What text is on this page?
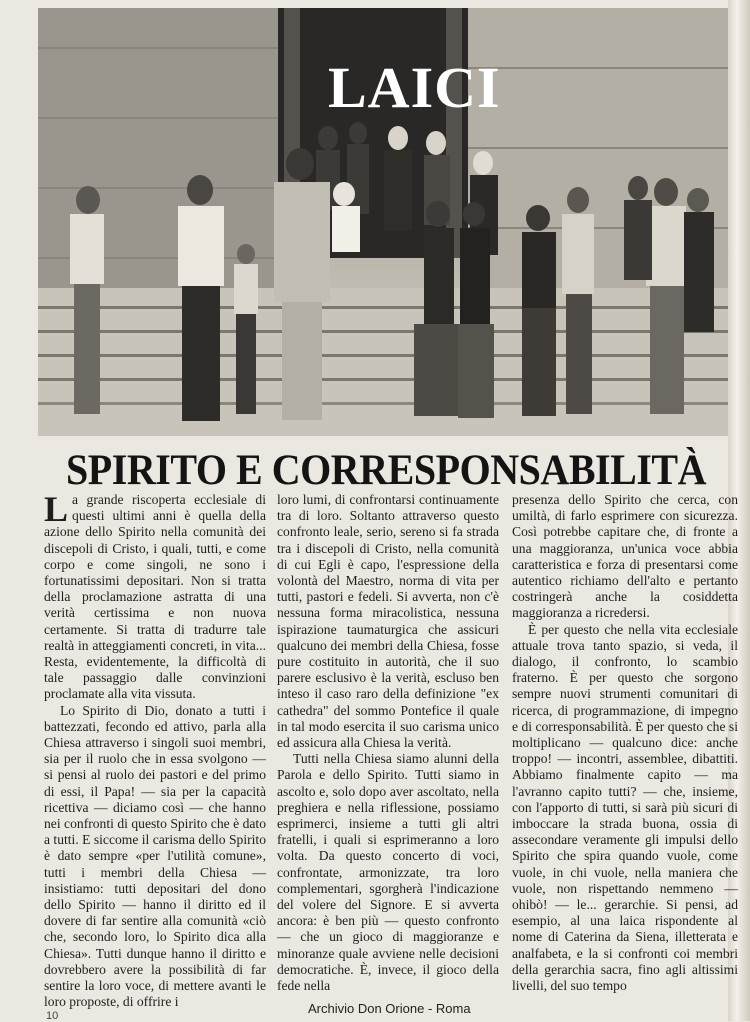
LAICI
SPIRITO E CORRESPONSABILITÀ

La grande riscoperta ecclesiale di questi ultimi anni è quella della azione dello Spirito nella comunità dei discepoli di Cristo, i quali, tutti, e come corpo e come singoli, ne sono i fortunatissimi depositari. Non si tratta della proclamazione astratta di una verità certissima e non nuova certamente. Si tratta di tradurre tale realtà in atteggiamenti concreti, in vita... Resta, evidentemente, la difficoltà di tale passaggio dalle convinzioni proclamate alla vita vissuta.

Lo Spirito di Dio, donato a tutti i battezzati, fecondo ed attivo, parla alla Chiesa attraverso i singoli suoi membri, sia per il ruolo che in essa svolgono — si pensi al ruolo dei pastori e del primo di essi, il Papa! — sia per la capacità ricettiva — diciamo così — che hanno nei confronti di questo Spirito che è dato a tutti. E siccome il carisma dello Spirito è dato sempre «per l'utilità comune», tutti i membri della Chiesa — insistiamo: tutti depositari del dono dello Spirito — hanno il diritto ed il dovere di far sentire alla comunità «ciò che, secondo loro, lo Spirito dica alla Chiesa». Tutti dunque hanno il diritto e dovrebbero avere la possibilità di far sentire la loro voce, di mettere avanti le loro proposte, di offrire i

loro lumi, di confrontarsi continuamente tra di loro. Soltanto attraverso questo confronto leale, serio, sereno si fa strada tra i discepoli di Cristo, nella comunità di cui Egli è capo, l'espressione della volontà del Maestro, norma di vita per tutti, pastori e fedeli. Si avverta, non c'è nessuna forma miracolistica, nessuna ispirazione taumaturgica che assicuri qualcuno dei membri della Chiesa, fosse pure costituito in autorità, che il suo parere esclusivo è la verità, escluso ben inteso il caso raro della definizione "ex cathedra" del sommo Pontefice il quale in tal modo esercita il suo carisma unico ed assicura alla Chiesa la verità.

Tutti nella Chiesa siamo alunni della Parola e dello Spirito. Tutti siamo in ascolto e, solo dopo aver ascoltato, nella preghiera e nella riflessione, possiamo esprimerci, insieme a tutti gli altri fratelli, i quali si esprimeranno a loro volta. Da questo concerto di voci, confrontate, armonizzate, tra loro complementari, sgorgherà l'indicazione del volere del Signore. E si avverta ancora: è ben più — questo confronto — che un gioco di maggioranze e minoranze quale avviene nelle decisioni democratiche. È, invece, il gioco della fede nella

presenza dello Spirito che cerca, con umiltà, di farlo esprimere con sicurezza. Così potrebbe capitare che, di fronte a una maggioranza, un'unica voce abbia caratteristica e forza di presentarsi come autentico richiamo dell'alto e pertanto costringerà anche la cosiddetta maggioranza a ricredersi.

È per questo che nella vita ecclesiale attuale trova tanto spazio, si veda, il dialogo, il confronto, lo scambio fraterno. È per questo che sorgono sempre nuovi strumenti comunitari di ricerca, di programmazione, di impegno e di corresponsabilità. È per questo che si moltiplicano — qualcuno dice: anche troppo! — incontri, assemblee, dibattiti. Abbiamo finalmente capito — ma l'avranno capito tutti? — che, insieme, con l'apporto di tutti, si sarà più sicuri di imboccare la strada buona, ossia di assecondare veramente gli impulsi dello Spirito che spira quando vuole, come vuole, in chi vuole, nella maniera che vuole, non rispettando nemmeno — ohibò! — le... gerarchie. Si pensi, ad esempio, al una laica rispondente al nome di Caterina da Siena, illetterata e analfabeta, e la si confronti coi membri della gerarchia sacra, fino agli altissimi livelli, del suo tempo

10	Archivio Don Orione - Roma
